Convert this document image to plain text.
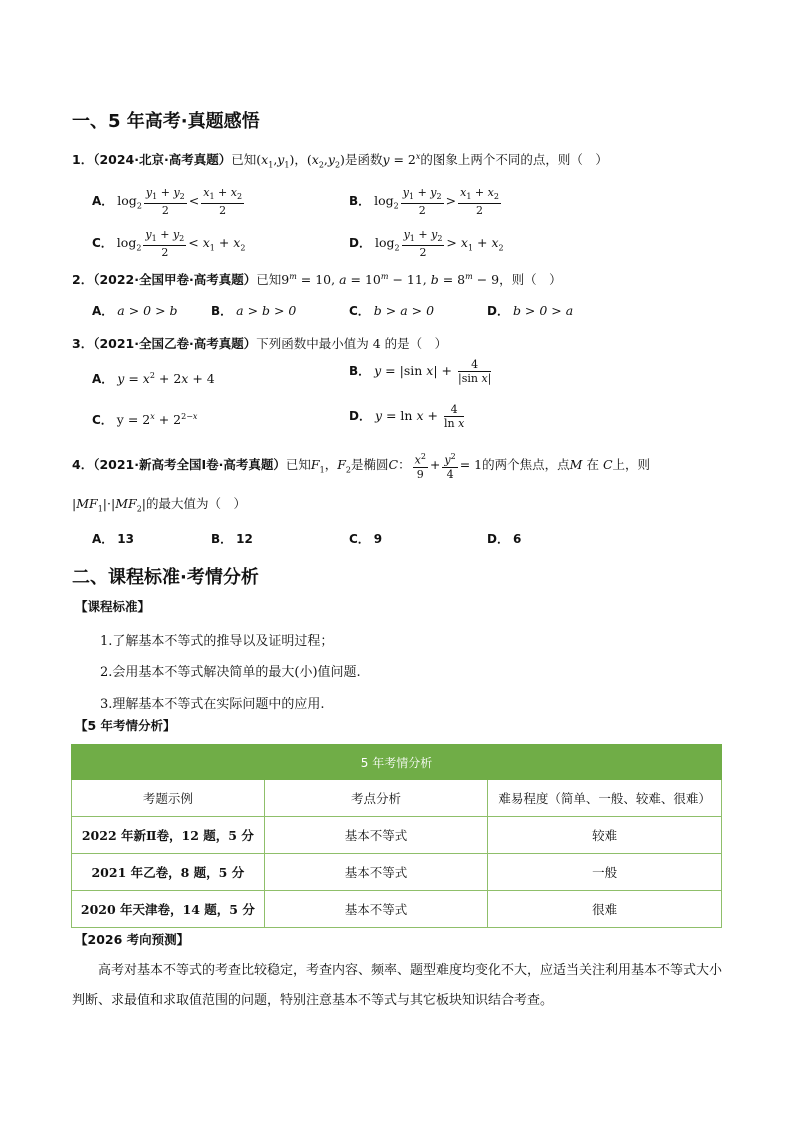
一、5 年高考·真题感悟
1．（2024·北京·高考真题）已知$(x_1,y_1)$，$(x_2,y_2)$是函数$y = 2^x$的图象上两个不同的点，则（　）
A． $\log_2 \frac{y_1 + y_2}{2} < \frac{x_1 + x_2}{2}$	B． $\log_2 \frac{y_1 + y_2}{2} > \frac{x_1 + x_2}{2}$
C． $\log_2 \frac{y_1 + y_2}{2} < x_1 + x_2$	D． $\log_2 \frac{y_1 + y_2}{2} > x_1 + x_2$
2．（2022·全国甲卷·高考真题）已知$9^m = 10$, $a = 10^m - 11$, $b = 8^m - 9$，则（　）
A． a > 0 > b	B． a > b > 0	C． b > a > 0	D． b > 0 > a
3．（2021·全国乙卷·高考真题）下列函数中最小值为 4 的是（　）
A． $y = x^2 + 2x + 4$	B． y = |sin $x| + \frac{4}{\text{|sin x|}}$
C． $y = 2^x + 2^{2-x}$	D． $y = \ln x + \frac{4}{\text{ln x}}$
4．（2021·新高考全国Ⅰ卷·高考真题）已知$F_1$，$F_2$是椭圆C： $\frac{x^2}{9} + \frac{y^2}{4} = 1$的两个焦点，点M 在 C上，则
$|MF_1|\cdot|MF_2|$的最大值为（　）
A． 13	B． 12	C． 9	D． 6
二、课程标准·考情分析
【课程标准】
1.了解基本不等式的推导以及证明过程；
2.会用基本不等式解决简单的最大(小)值问题.
3.理解基本不等式在实际问题中的应用.
【5 年考情分析】
5 年考情分析		
考题示例	考点分析	难易程度（简单、一般、较难、很难）
2022 年新Ⅱ卷，12 题，5 分	基本不等式	较难
2021 年乙卷，8 题，5 分	基本不等式	一般
2020 年天津卷，14 题，5 分	基本不等式	很难
【2026 考向预测】
高考对基本不等式的考查比较稳定，考查内容、频率、题型难度均变化不大，应适当关注利用基本不等式大小判断、求最值和求取值范围的问题，特别注意基本不等式与其它板块知识结合考查。
